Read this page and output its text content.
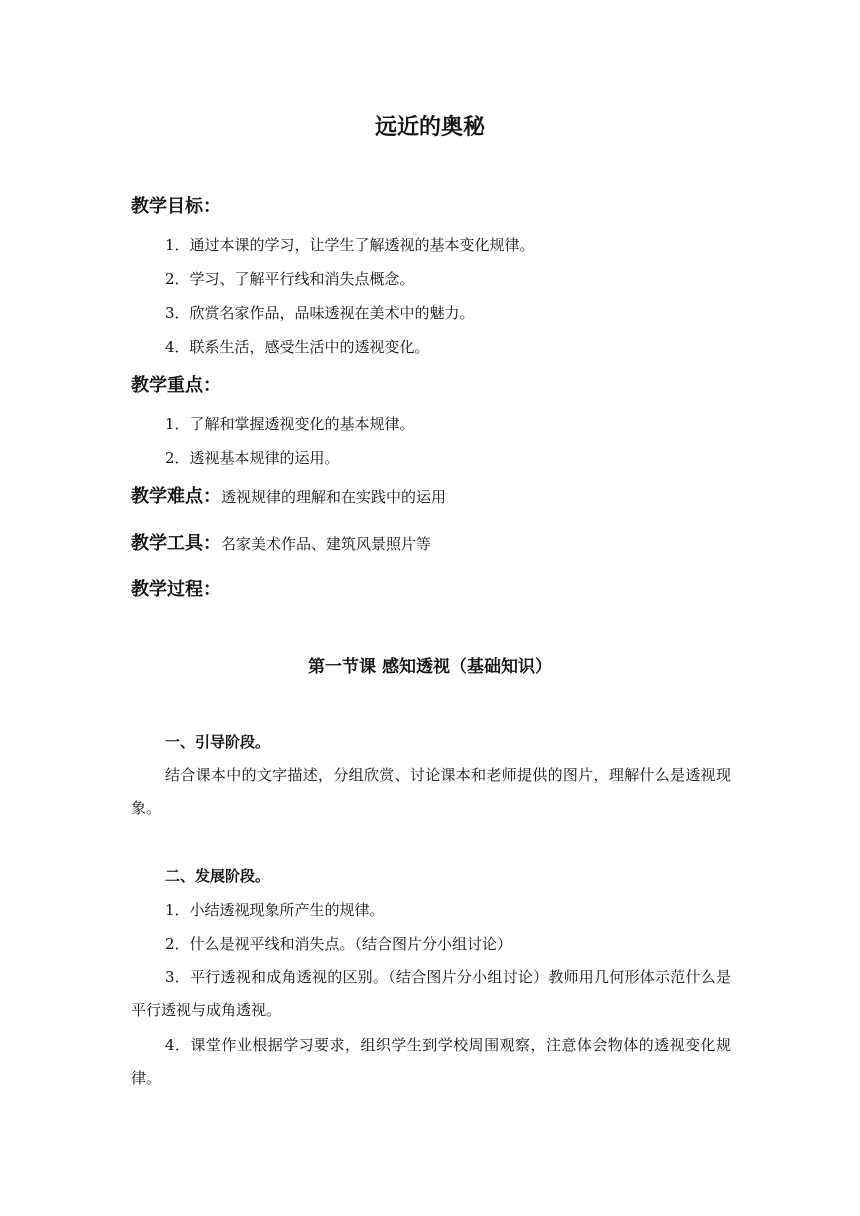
远近的奥秘
教学目标：
1．通过本课的学习，让学生了解透视的基本变化规律。
2．学习、了解平行线和消失点概念。
3．欣赏名家作品，品味透视在美术中的魅力。
4．联系生活，感受生活中的透视变化。
教学重点：
1．了解和掌握透视变化的基本规律。
2．透视基本规律的运用。
教学难点：透视规律的理解和在实践中的运用
教学工具：名家美术作品、建筑风景照片等
教学过程：
第一节课 感知透视（基础知识）
一、引导阶段。

结合课本中的文字描述，分组欣赏、讨论课本和老师提供的图片，理解什么是透视现象。

二、发展阶段。
1．小结透视现象所产生的规律。
2．什么是视平线和消失点。（结合图片分小组讨论）

3．平行透视和成角透视的区别。（结合图片分小组讨论）教师用几何形体示范什么是平行透视与成角透视。

4．课堂作业根据学习要求，组织学生到学校周围观察，注意体会物体的透视变化规律。
